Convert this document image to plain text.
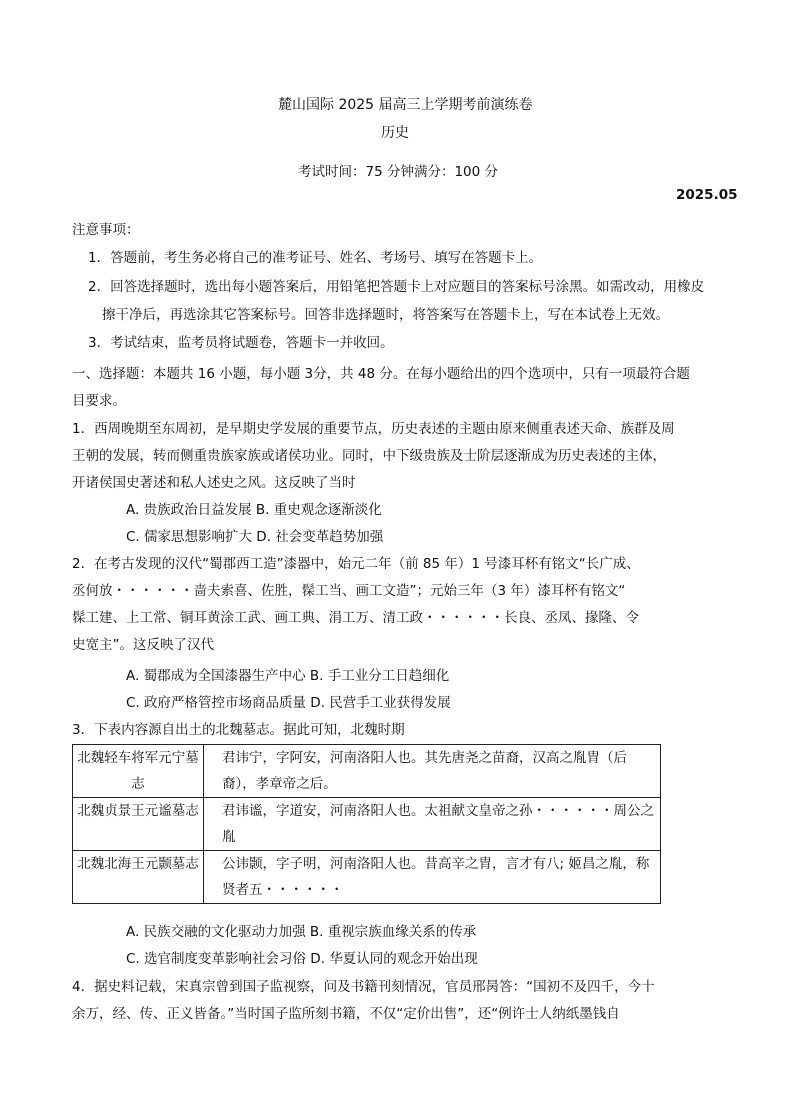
麓山国际 2025 届高三上学期考前演练卷
历史
考试时间：75 分钟满分：100 分
2025.05
注意事项：
1．答题前，考生务必将自己的准考证号、姓名、考场号、填写在答题卡上。
2．回答选择题时，选出每小题答案后，用铅笔把答题卡上对应题目的答案标号涂黑。如需改动，用橡皮
擦干净后，再选涂其它答案标号。回答非选择题时，将答案写在答题卡上，写在本试卷上无效。
3．考试结束，监考员将试题卷，答题卡一并收回。
一、选择题：本题共 16 小题，每小题 3分，共 48 分。在每小题给出的四个选项中，只有一项最符合题
目要求。
1．西周晚期至东周初，是早期史学发展的重要节点，历史表述的主题由原来侧重表述天命、族群及周
王朝的发展，转而侧重贵族家族或诸侯功业。同时，中下级贵族及士阶层逐渐成为历史表述的主体，
开诸侯国史著述和私人述史之风。这反映了当时
A. 贵族政治日益发展 B. 重史观念逐渐淡化
C. 儒家思想影响扩大 D. 社会变革趋势加强
2．在考古发现的汉代“蜀郡西工造”漆器中，始元二年（前 85 年）1 号漆耳杯有铭文“长广成、
丞何放・・・・・・啬夫索喜、佐胜，髹工当、画工文造”；元始三年（3 年）漆耳杯有铭文“
髹工建、上工常、铜耳黄涂工武、画工典、涓工万、清工政・・・・・・长良、丞凤、掾隆、令
史宽主”。这反映了汉代
A. 蜀郡成为全国漆器生产中心 B. 手工业分工日趋细化
C. 政府严格管控市场商品质量 D. 民营手工业获得发展
3．下表内容源自出土的北魏墓志。据此可知，北魏时期
北魏轻车将军元宁墓志	君讳宁，字阿安，河南洛阳人也。其先唐尧之苗裔，汉高之胤胄（后裔），孝章帝之后。
北魏贞景王元谧墓志	君讳谧，字道安，河南洛阳人也。太祖献文皇帝之孙・・・・・・周公之胤
北魏北海王元颢墓志	公讳颢，字子明，河南洛阳人也。昔高辛之胄，言才有八; 姬昌之胤，称贤者五・・・・・・
A. 民族交融的文化驱动力加强 B. 重视宗族血缘关系的传承
C. 选官制度变革影响社会习俗 D. 华夏认同的观念开始出现
4．据史料记载，宋真宗曾到国子监视察，问及书籍刊刻情况，官员邢昺答：“国初不及四千，今十
余万，经、传、正义皆备。”当时国子监所刻书籍，不仅“定价出售”，还“例许士人纳纸墨钱自
